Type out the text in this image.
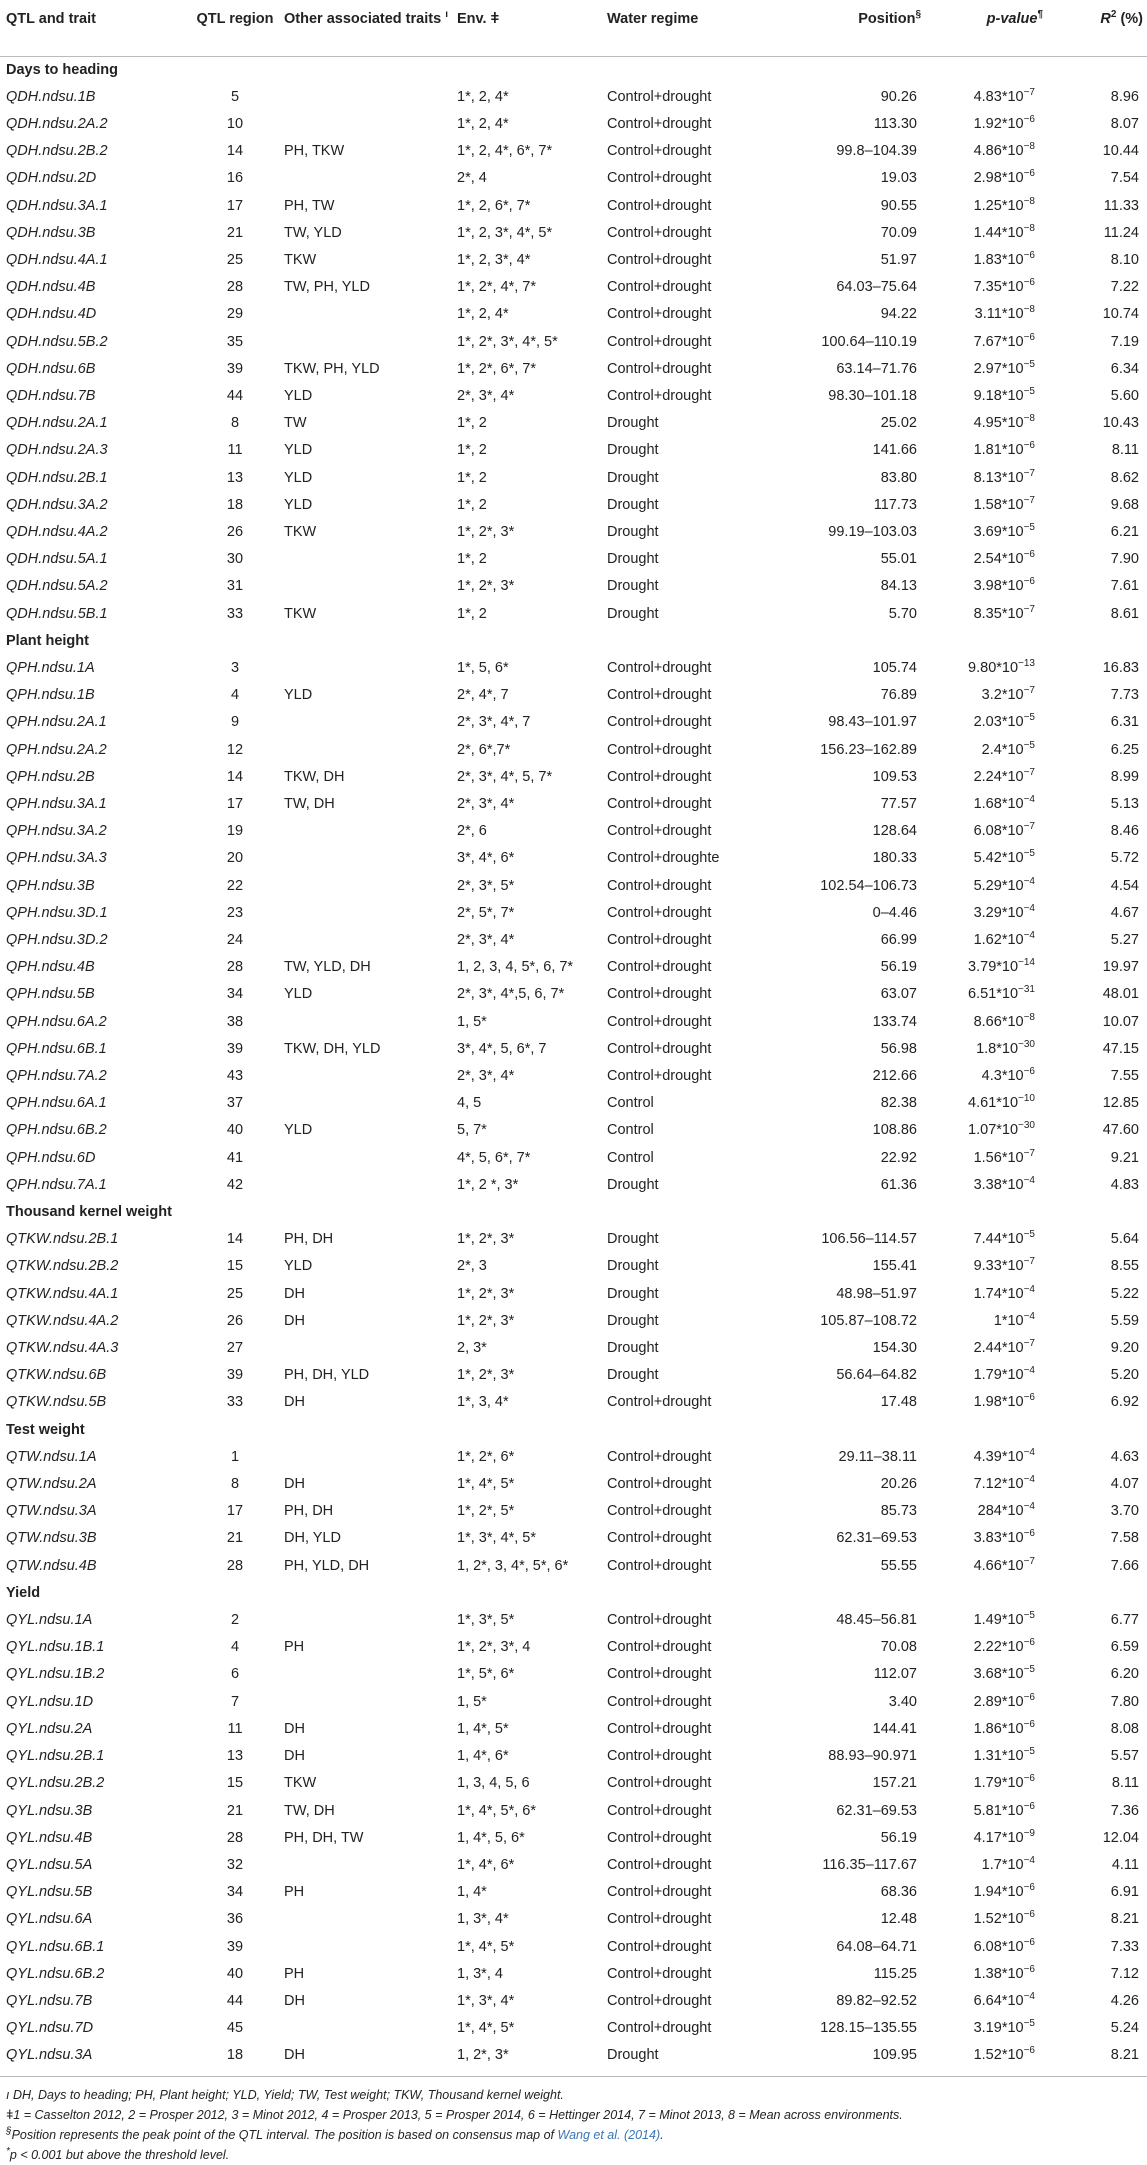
QTL and trait	QTL region	Other associated traits $^ı$	Env. ǂ	Water regime	Position§	p-value¶	$R^2$ (%)
Days to heading							
QDH.ndsu.1B	5		1*, 2, 4*	Control+drought	90.26	$4.83*10^{-7}$	8.96
QDH.ndsu.2A.2	10		1*, 2, 4*	Control+drought	113.30	$1.92*10^{-6}$	8.07
QDH.ndsu.2B.2	14	PH, TKW	1*, 2, 4*, 6*, 7*	Control+drought	99.8–104.39	$4.86*10^{-8}$	10.44
QDH.ndsu.2D	16		2*, 4	Control+drought	19.03	$2.98*10^{-6}$	7.54
QDH.ndsu.3A.1	17	PH, TW	1*, 2, 6*, 7*	Control+drought	90.55	$1.25*10^{-8}$	11.33
QDH.ndsu.3B	21	TW, YLD	1*, 2, 3*, 4*, 5*	Control+drought	70.09	$1.44*10^{-8}$	11.24
QDH.ndsu.4A.1	25	TKW	1*, 2, 3*, 4*	Control+drought	51.97	$1.83*10^{-6}$	8.10
QDH.ndsu.4B	28	TW, PH, YLD	1*, 2*, 4*, 7*	Control+drought	64.03–75.64	$7.35*10^{-6}$	7.22
QDH.ndsu.4D	29		1*, 2, 4*	Control+drought	94.22	$3.11*10^{-8}$	10.74
QDH.ndsu.5B.2	35		1*, 2*, 3*, 4*, 5*	Control+drought	100.64–110.19	$7.67*10^{-6}$	7.19
QDH.ndsu.6B	39	TKW, PH, YLD	1*, 2*, 6*, 7*	Control+drought	63.14–71.76	$2.97*10^{-5}$	6.34
QDH.ndsu.7B	44	YLD	2*, 3*, 4*	Control+drought	98.30–101.18	$9.18*10^{-5}$	5.60
QDH.ndsu.2A.1	8	TW	1*, 2	Drought	25.02	$4.95*10^{-8}$	10.43
QDH.ndsu.2A.3	11	YLD	1*, 2	Drought	141.66	$1.81*10^{-6}$	8.11
QDH.ndsu.2B.1	13	YLD	1*, 2	Drought	83.80	$8.13*10^{-7}$	8.62
QDH.ndsu.3A.2	18	YLD	1*, 2	Drought	117.73	$1.58*10^{-7}$	9.68
QDH.ndsu.4A.2	26	TKW	1*, 2*, 3*	Drought	99.19–103.03	$3.69*10^{-5}$	6.21
QDH.ndsu.5A.1	30		1*, 2	Drought	55.01	$2.54*10^{-6}$	7.90
QDH.ndsu.5A.2	31		1*, 2*, 3*	Drought	84.13	$3.98*10^{-6}$	7.61
QDH.ndsu.5B.1	33	TKW	1*, 2	Drought	5.70	$8.35*10^{-7}$	8.61
Plant height							
QPH.ndsu.1A	3		1*, 5, 6*	Control+drought	105.74	$9.80*10^{-13}$	16.83
QPH.ndsu.1B	4	YLD	2*, 4*, 7	Control+drought	76.89	$3.2*10^{-7}$	7.73
QPH.ndsu.2A.1	9		2*, 3*, 4*, 7	Control+drought	98.43–101.97	$2.03*10^{-5}$	6.31
QPH.ndsu.2A.2	12		2*, 6*,7*	Control+drought	156.23–162.89	$2.4*10^{-5}$	6.25
QPH.ndsu.2B	14	TKW, DH	2*, 3*, 4*, 5, 7*	Control+drought	109.53	$2.24*10^{-7}$	8.99
QPH.ndsu.3A.1	17	TW, DH	2*, 3*, 4*	Control+drought	77.57	$1.68*10^{-4}$	5.13
QPH.ndsu.3A.2	19		2*, 6	Control+drought	128.64	$6.08*10^{-7}$	8.46
QPH.ndsu.3A.3	20		3*, 4*, 6*	Control+droughte	180.33	$5.42*10^{-5}$	5.72
QPH.ndsu.3B	22		2*, 3*, 5*	Control+drought	102.54–106.73	$5.29*10^{-4}$	4.54
QPH.ndsu.3D.1	23		2*, 5*, 7*	Control+drought	0–4.46	$3.29*10^{-4}$	4.67
QPH.ndsu.3D.2	24		2*, 3*, 4*	Control+drought	66.99	$1.62*10^{-4}$	5.27
QPH.ndsu.4B	28	TW, YLD, DH	1, 2, 3, 4, 5*, 6, 7*	Control+drought	56.19	$3.79*10^{-14}$	19.97
QPH.ndsu.5B	34	YLD	2*, 3*, 4*,5, 6, 7*	Control+drought	63.07	$6.51*10^{-31}$	48.01
QPH.ndsu.6A.2	38		1, 5*	Control+drought	133.74	$8.66*10^{-8}$	10.07
QPH.ndsu.6B.1	39	TKW, DH, YLD	3*, 4*, 5, 6*, 7	Control+drought	56.98	$1.8*10^{-30}$	47.15
QPH.ndsu.7A.2	43		2*, 3*, 4*	Control+drought	212.66	$4.3*10^{-6}$	7.55
QPH.ndsu.6A.1	37		4, 5	Control	82.38	$4.61*10^{-10}$	12.85
QPH.ndsu.6B.2	40	YLD	5, 7*	Control	108.86	$1.07*10^{-30}$	47.60
QPH.ndsu.6D	41		4*, 5, 6*, 7*	Control	22.92	$1.56*10^{-7}$	9.21
QPH.ndsu.7A.1	42		1*, 2 *, 3*	Drought	61.36	$3.38*10^{-4}$	4.83
Thousand kernel weight							
QTKW.ndsu.2B.1	14	PH, DH	1*, 2*, 3*	Drought	106.56–114.57	$7.44*10^{-5}$	5.64
QTKW.ndsu.2B.2	15	YLD	2*, 3	Drought	155.41	$9.33*10^{-7}$	8.55
QTKW.ndsu.4A.1	25	DH	1*, 2*, 3*	Drought	48.98–51.97	$1.74*10^{-4}$	5.22
QTKW.ndsu.4A.2	26	DH	1*, 2*, 3*	Drought	105.87–108.72	$1*10^{-4}$	5.59
QTKW.ndsu.4A.3	27		2, 3*	Drought	154.30	$2.44*10^{-7}$	9.20
QTKW.ndsu.6B	39	PH, DH, YLD	1*, 2*, 3*	Drought	56.64–64.82	$1.79*10^{-4}$	5.20
QTKW.ndsu.5B	33	DH	1*, 3, 4*	Control+drought	17.48	$1.98*10^{-6}$	6.92
Test weight							
QTW.ndsu.1A	1		1*, 2*, 6*	Control+drought	29.11–38.11	$4.39*10^{-4}$	4.63
QTW.ndsu.2A	8	DH	1*, 4*, 5*	Control+drought	20.26	$7.12*10^{-4}$	4.07
QTW.ndsu.3A	17	PH, DH	1*, 2*, 5*	Control+drought	85.73	$284*10^{-4}$	3.70
QTW.ndsu.3B	21	DH, YLD	1*, 3*, 4*, 5*	Control+drought	62.31–69.53	$3.83*10^{-6}$	7.58
QTW.ndsu.4B	28	PH, YLD, DH	1, 2*, 3, 4*, 5*, 6*	Control+drought	55.55	$4.66*10^{-7}$	7.66
Yield							
QYL.ndsu.1A	2		1*, 3*, 5*	Control+drought	48.45–56.81	$1.49*10^{-5}$	6.77
QYL.ndsu.1B.1	4	PH	1*, 2*, 3*, 4	Control+drought	70.08	$2.22*10^{-6}$	6.59
QYL.ndsu.1B.2	6		1*, 5*, 6*	Control+drought	112.07	$3.68*10^{-5}$	6.20
QYL.ndsu.1D	7		1, 5*	Control+drought	3.40	$2.89*10^{-6}$	7.80
QYL.ndsu.2A	11	DH	1, 4*, 5*	Control+drought	144.41	$1.86*10^{-6}$	8.08
QYL.ndsu.2B.1	13	DH	1, 4*, 6*	Control+drought	88.93–90.971	$1.31*10^{-5}$	5.57
QYL.ndsu.2B.2	15	TKW	1, 3, 4, 5, 6	Control+drought	157.21	$1.79*10^{-6}$	8.11
QYL.ndsu.3B	21	TW, DH	1*, 4*, 5*, 6*	Control+drought	62.31–69.53	$5.81*10^{-6}$	7.36
QYL.ndsu.4B	28	PH, DH, TW	1, 4*, 5, 6*	Control+drought	56.19	$4.17*10^{-9}$	12.04
QYL.ndsu.5A	32		1*, 4*, 6*	Control+drought	116.35–117.67	$1.7*10^{-4}$	4.11
QYL.ndsu.5B	34	PH	1, 4*	Control+drought	68.36	$1.94*10^{-6}$	6.91
QYL.ndsu.6A	36		1, 3*, 4*	Control+drought	12.48	$1.52*10^{-6}$	8.21
QYL.ndsu.6B.1	39		1*, 4*, 5*	Control+drought	64.08–64.71	$6.08*10^{-6}$	7.33
QYL.ndsu.6B.2	40	PH	1, 3*, 4	Control+drought	115.25	$1.38*10^{-6}$	7.12
QYL.ndsu.7B	44	DH	1*, 3*, 4*	Control+drought	89.82–92.52	$6.64*10^{-4}$	4.26
QYL.ndsu.7D	45		1*, 4*, 5*	Control+drought	128.15–135.55	$3.19*10^{-5}$	5.24
QYL.ndsu.3A	18	DH	1, 2*, 3*	Drought	109.95	$1.52*10^{-6}$	8.21
ı DH, Days to heading; PH, Plant height; YLD, Yield; TW, Test weight; TKW, Thousand kernel weight.
ǂ1 = Casselton 2012, 2 = Prosper 2012, 3 = Minot 2012, 4 = Prosper 2013, 5 = Prosper 2014, 6 = Hettinger 2014, 7 = Minot 2013, 8 = Mean across environments.
§Position represents the peak point of the QTL interval. The position is based on consensus map of Wang et al. (2014).
*p < 0.001 but above the threshold level.
